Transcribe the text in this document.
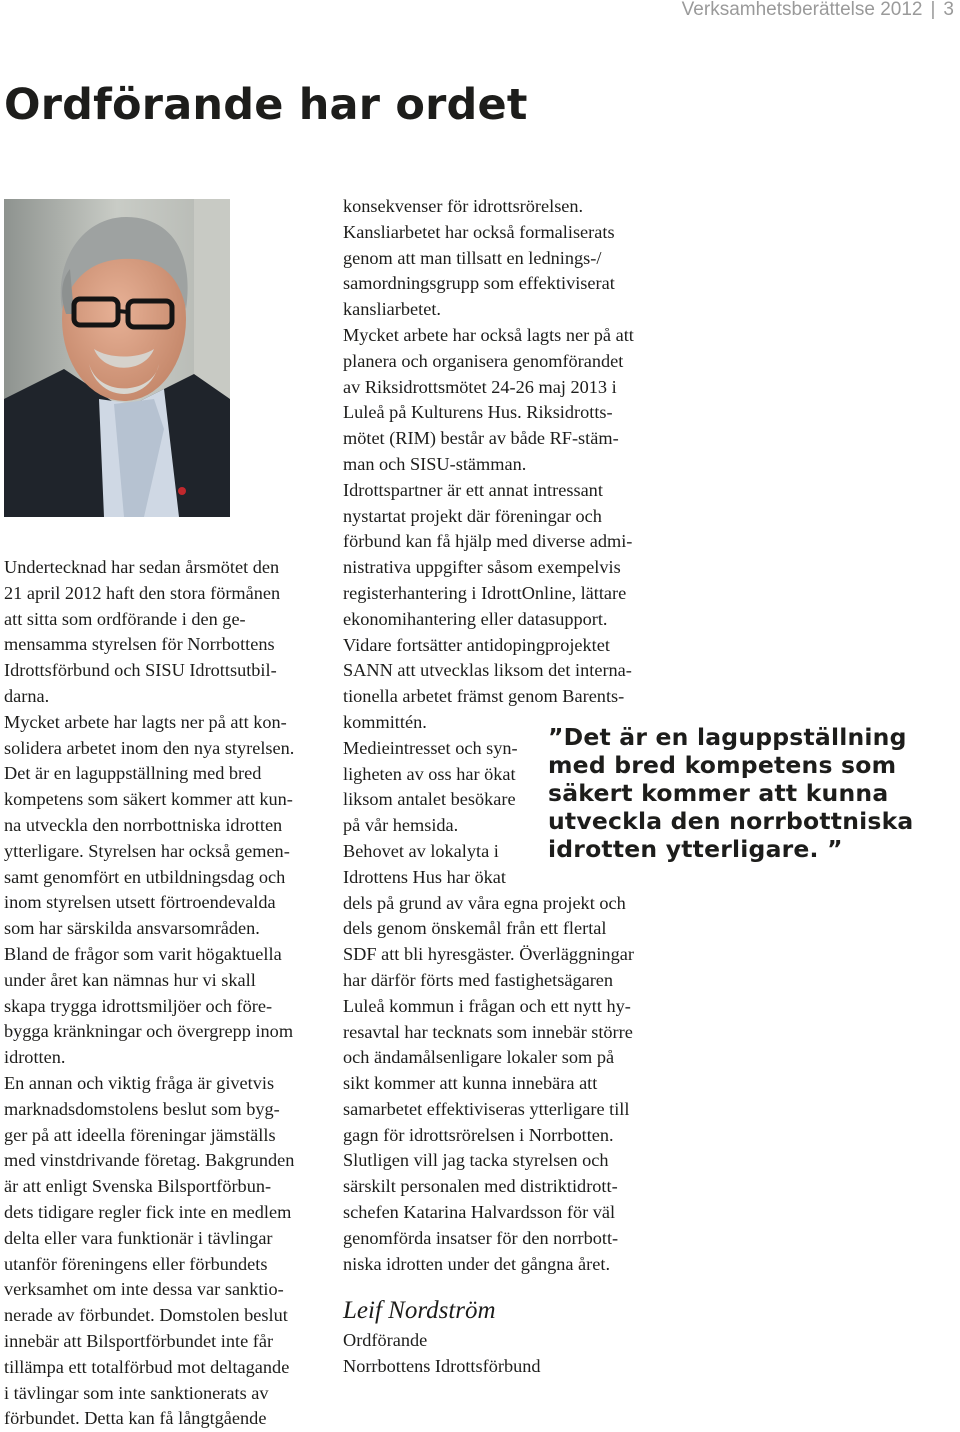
Verksamhetsberättelse 2012 | 3
Ordförande har ordet
Undertecknad har sedan årsmötet den
21 april 2012 haft den stora förmånen
att sitta som ordförande i den ge-
mensamma styrelsen för Norrbottens
Idrottsförbund och SISU Idrottsutbil-
darna.
Mycket arbete har lagts ner på att kon-
solidera arbetet inom den nya styrelsen.
Det är en laguppställning med bred
kompetens som säkert kommer att kun-
na utveckla den norrbottniska idrotten
ytterligare. Styrelsen har också gemen-
samt genomfört en utbildningsdag och
inom styrelsen utsett förtroendevalda
som har särskilda ansvarsområden.
Bland de frågor som varit högaktuella
under året kan nämnas hur vi skall
skapa trygga idrottsmiljöer och före-
bygga kränkningar och övergrepp inom
idrotten.
En annan och viktig fråga är givetvis
marknadsdomstolens beslut som byg-
ger på att ideella föreningar jämställs
med vinstdrivande företag. Bakgrunden
är att enligt Svenska Bilsportförbun-
dets tidigare regler fick inte en medlem
delta eller vara funktionär i tävlingar
utanför föreningens eller förbundets
verksamhet om inte dessa var sanktio-
nerade av förbundet. Domstolen beslut
innebär att Bilsportförbundet inte får
tillämpa ett totalförbud mot deltagande
i tävlingar som inte sanktionerats av
förbundet. Detta kan få långtgående
konsekvenser för idrottsrörelsen.
Kansliarbetet har också formaliserats
genom att man tillsatt en lednings-/
samordningsgrupp som effektiviserat
kansliarbetet.
Mycket arbete har också lagts ner på att
planera och organisera genomförandet
av Riksidrottsmötet 24-26 maj 2013 i
Luleå på Kulturens Hus. Riksidrotts-
mötet (RIM) består av både RF-stäm-
man och SISU-stämman.
Idrottspartner är ett annat intressant
nystartat projekt där föreningar och
förbund kan få hjälp med diverse admi-
nistrativa uppgifter såsom exempelvis
registerhantering i IdrottOnline, lättare
ekonomihantering eller datasupport.
Vidare fortsätter antidopingprojektet
SANN att utvecklas liksom det interna-
tionella arbetet främst genom Barents-
kommittén.
Medieintresset och syn-
ligheten av oss har ökat
liksom antalet besökare
på vår hemsida.
Behovet av lokalyta i
Idrottens Hus har ökat
dels på grund av våra egna projekt och
dels genom önskemål från ett flertal
SDF att bli hyresgäster. Överläggningar
har därför förts med fastighetsägaren
Luleå kommun i frågan och ett nytt hy-
resavtal har tecknats som innebär större
och ändamålsenligare lokaler som på
sikt kommer att kunna innebära att
samarbetet effektiviseras ytterligare till
gagn för idrottsrörelsen i Norrbotten.
Slutligen vill jag tacka styrelsen och
särskilt personalen med distriktidrott-
schefen Katarina Halvardsson för väl
genomförda insatser för den norrbott-
niska idrotten under det gångna året.
”Det är en laguppställning
med bred kompetens som
säkert kommer att kunna
utveckla den norrbottniska
idrotten ytterligare. ”
Leif Nordström
Ordförande
Norrbottens Idrottsförbund
